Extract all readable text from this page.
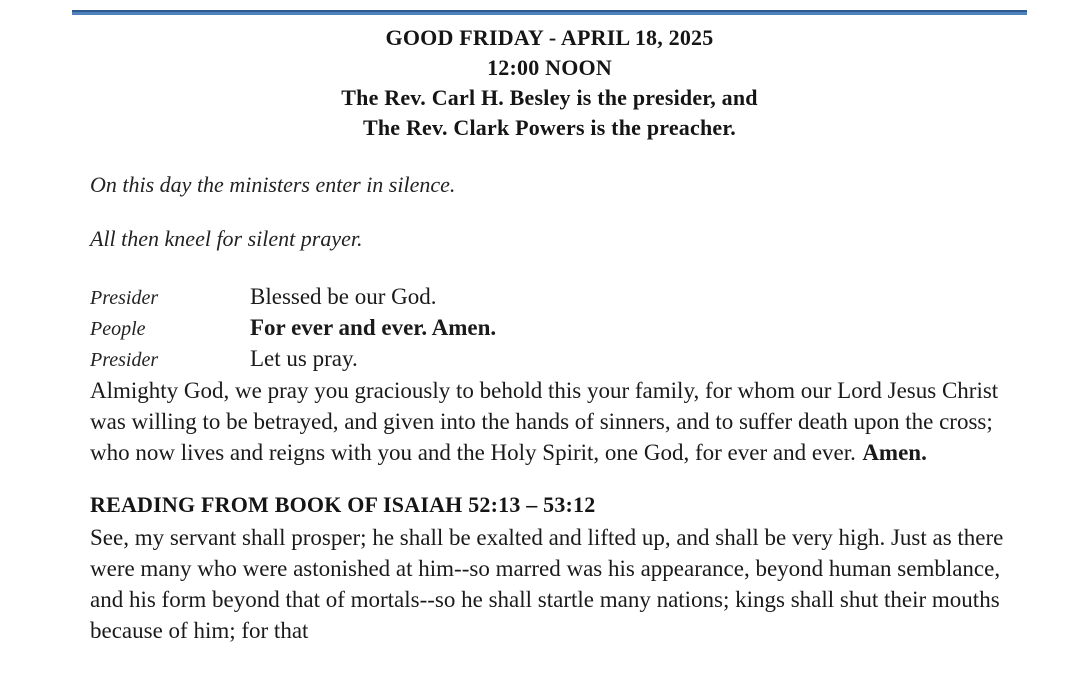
GOOD FRIDAY - APRIL 18, 2025
12:00 NOON
The Rev. Carl H. Besley is the presider, and
The Rev. Clark Powers is the preacher.

On this day the ministers enter in silence.

All then kneel for silent prayer.

Presider	Blessed be our God.
People	For ever and ever. Amen.
Presider	Let us pray.

Almighty God, we pray you graciously to behold this your family, for whom our Lord Jesus Christ was willing to be betrayed, and given into the hands of sinners, and to suffer death upon the cross; who now lives and reigns with you and the Holy Spirit, one God, for ever and ever. Amen.

READING FROM BOOK OF ISAIAH 52:13 – 53:12

See, my servant shall prosper; he shall be exalted and lifted up, and shall be very high. Just as there were many who were astonished at him--so marred was his appearance, beyond human semblance, and his form beyond that of mortals--so he shall startle many nations; kings shall shut their mouths because of him; for that
